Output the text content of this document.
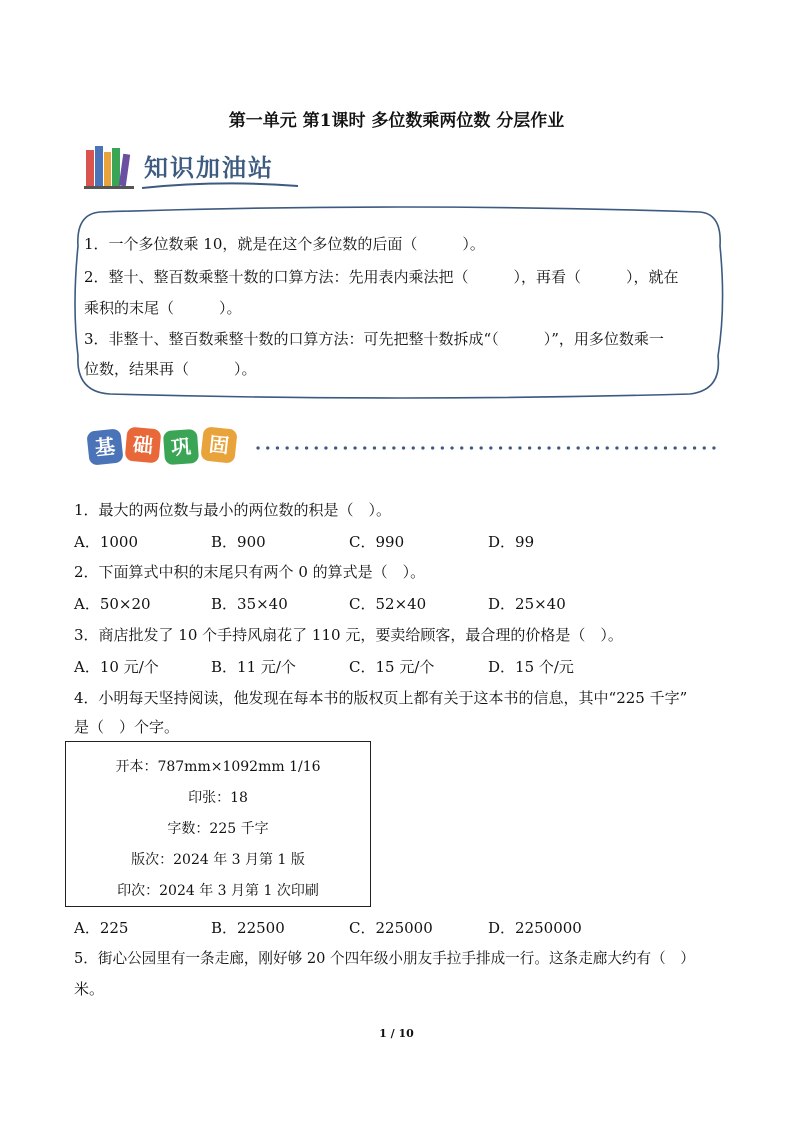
第一单元 第1课时 多位数乘两位数 分层作业
知识加油站
1．一个多位数乘 10，就是在这个多位数的后面（　　　）。
2．整十、整百数乘整十数的口算方法：先用表内乘法把（　　　），再看（　　　），就在
乘积的末尾（　　　）。
3．非整十、整百数乘整十数的口算方法：可先把整十数拆成“（　　　）”，用多位数乘一
位数，结果再（　　　）。
基 础 巩 固
1．最大的两位数与最小的两位数的积是（　）。
A．1000	B．900	C．990	D．99
2．下面算式中积的末尾只有两个 0 的算式是（　）。
A．50×20	B．35×40	C．52×40	D．25×40
3．商店批发了 10 个手持风扇花了 110 元，要卖给顾客，最合理的价格是（　）。
A．10 元/个	B．11 元/个	C．15 元/个	D．15 个/元
4．小明每天坚持阅读，他发现在每本书的版权页上都有关于这本书的信息，其中“225 千字”
是（　）个字。
开本：787mm×1092mm 1/16
印张：18
字数：225 千字
版次：2024 年 3 月第 1 版
印次：2024 年 3 月第 1 次印刷
A．225	B．22500	C．225000	D．2250000
5．街心公园里有一条走廊，刚好够 20 个四年级小朋友手拉手排成一行。这条走廊大约有（　）
米。
1 / 10
